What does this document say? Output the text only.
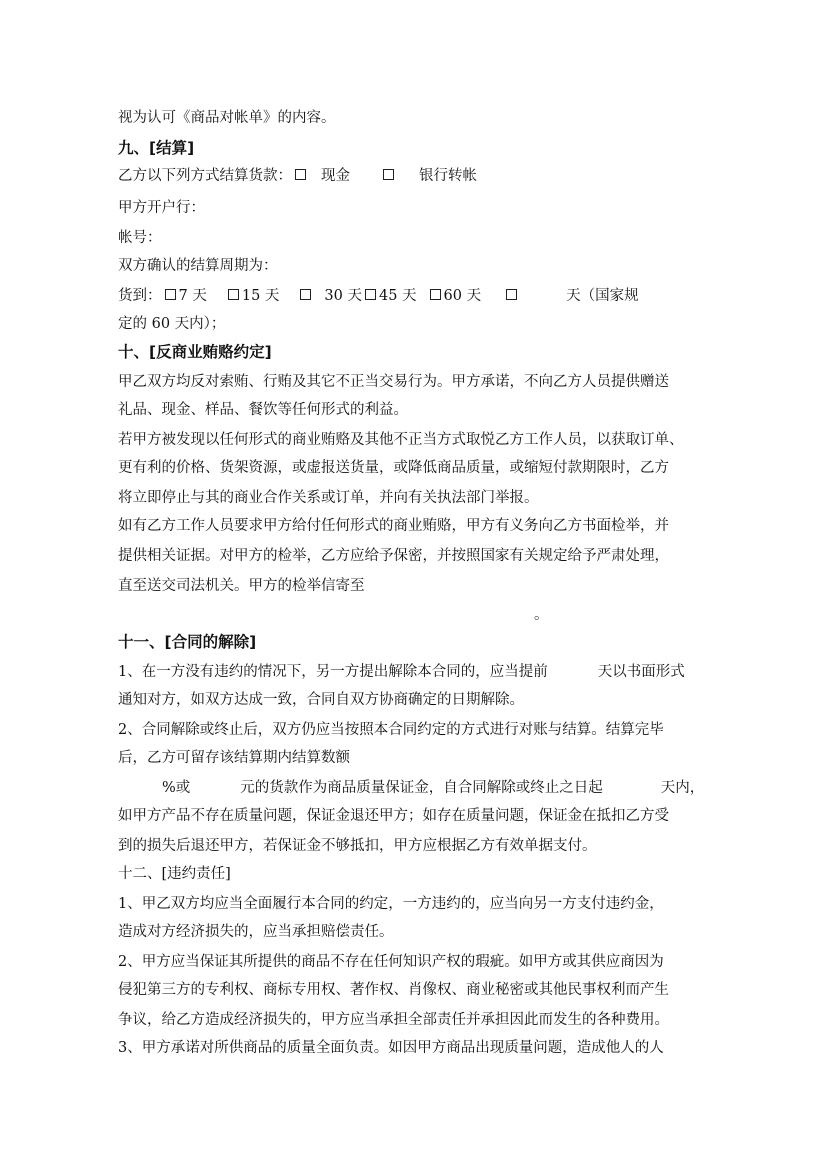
视为认可《商品对帐单》的内容。
九、[结算]
乙方以下列方式结算货款： 现金	银行转帐
甲方开户行：
帐号：
双方确认的结算周期为：
货到： 7 天 15 天	30 天 45 天 60 天	天（国家规
定的 60 天内）；
十、[反商业贿赂约定]
甲乙双方均反对索贿、行贿及其它不正当交易行为。甲方承诺，不向乙方人员提供赠送
礼品、现金、样品、餐饮等任何形式的利益。
若甲方被发现以任何形式的商业贿赂及其他不正当方式取悦乙方工作人员，以获取订单、
更有利的价格、货架资源，或虚报送货量，或降低商品质量，或缩短付款期限时，乙方
将立即停止与其的商业合作关系或订单，并向有关执法部门举报。
如有乙方工作人员要求甲方给付任何形式的商业贿赂，甲方有义务向乙方书面检举，并
提供相关证据。对甲方的检举，乙方应给予保密，并按照国家有关规定给予严肃处理，
直至送交司法机关。甲方的检举信寄至
。
十一、[合同的解除]
1、在一方没有违约的情况下，另一方提出解除本合同的，应当提前	天以书面形式
通知对方，如双方达成一致，合同自双方协商确定的日期解除。
2、合同解除或终止后，双方仍应当按照本合同约定的方式进行对账与结算。结算完毕
后，乙方可留存该结算期内结算数额
%或	元的货款作为商品质量保证金，自合同解除或终止之日起	天内，
如甲方产品不存在质量问题，保证金退还甲方；如存在质量问题，保证金在抵扣乙方受
到的损失后退还甲方，若保证金不够抵扣，甲方应根据乙方有效单据支付。
十二、[违约责任]
1、甲乙双方均应当全面履行本合同的约定，一方违约的，应当向另一方支付违约金，
造成对方经济损失的，应当承担赔偿责任。
2、甲方应当保证其所提供的商品不存在任何知识产权的瑕疵。如甲方或其供应商因为
侵犯第三方的专利权、商标专用权、著作权、肖像权、商业秘密或其他民事权利而产生
争议，给乙方造成经济损失的，甲方应当承担全部责任并承担因此而发生的各种费用。
3、甲方承诺对所供商品的质量全面负责。如因甲方商品出现质量问题，造成他人的人
